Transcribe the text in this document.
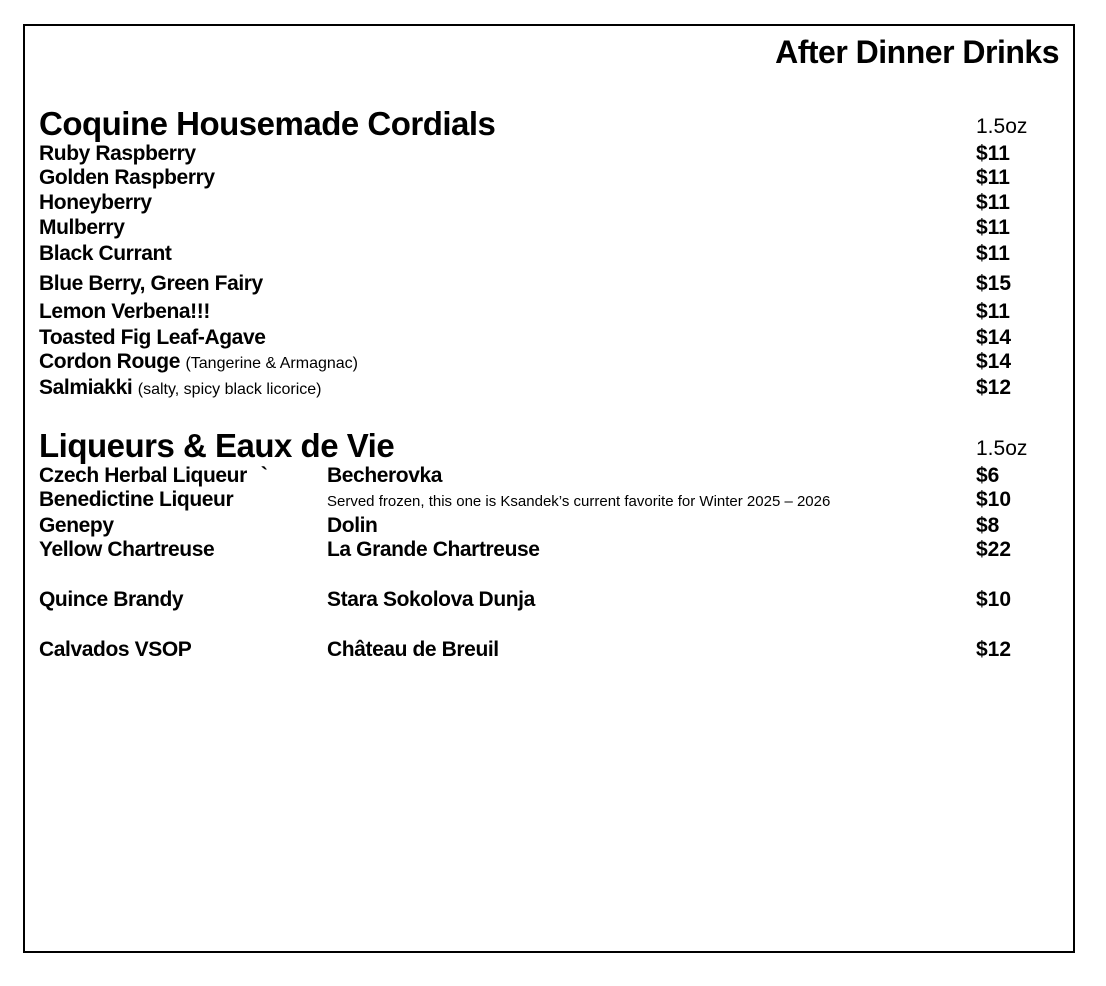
After Dinner Drinks
Coquine Housemade Cordials	1.5oz
Ruby Raspberry	$11
Golden Raspberry	$11
Honeyberry	$11
Mulberry	$11
Black Currant	$11
Blue Berry, Green Fairy	$15
Lemon Verbena!!!	$11
Toasted Fig Leaf-Agave	$14
Cordon Rouge (Tangerine & Armagnac)	$14
Salmiakki (salty, spicy black licorice)	$12
Liqueurs & Eaux de Vie	1.5oz
Czech Herbal Liqueur `	Becherovka	$6
Benedictine Liqueur	Served frozen, this one is Ksandek’s current favorite for Winter 2025 – 2026	$10
Genepy	Dolin	$8
Yellow Chartreuse	La Grande Chartreuse	$22
Quince Brandy	Stara Sokolova Dunja	$10
Calvados VSOP	Château de Breuil	$12
